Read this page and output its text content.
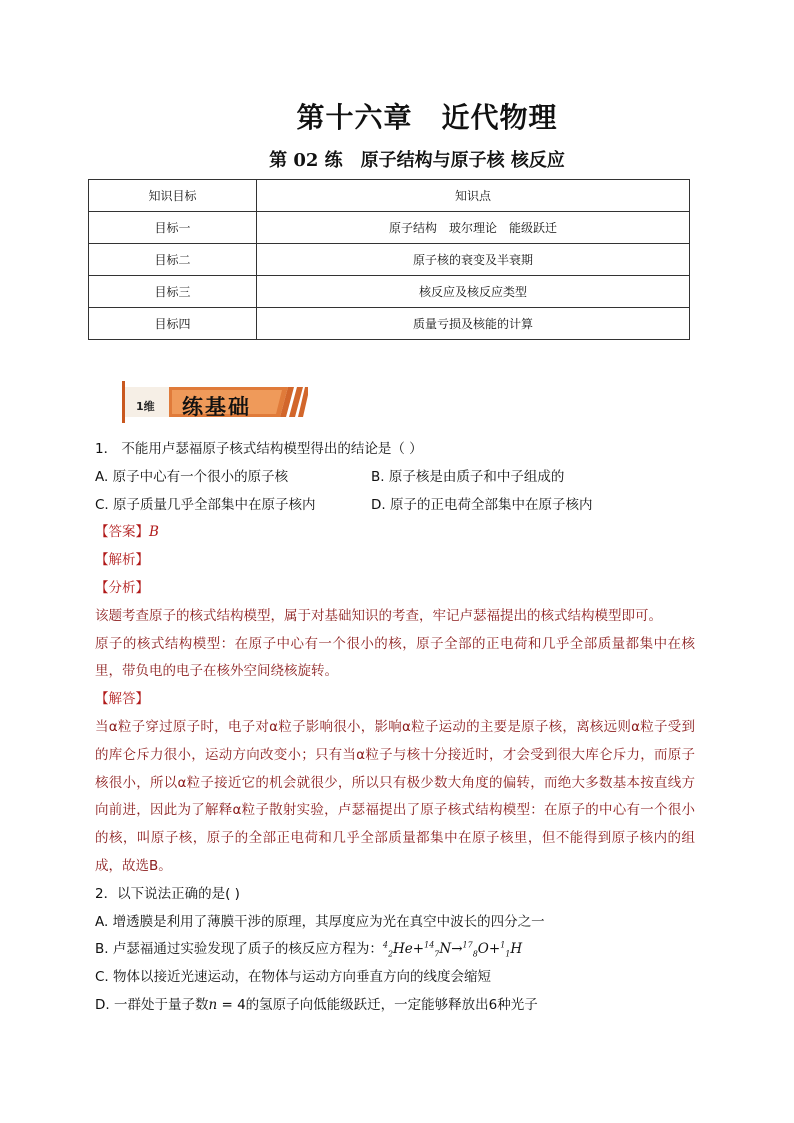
第十六章　近代物理
第 02 练　原子结构与原子核 核反应
知识目标	知识点
目标一	原子结构　玻尔理论　能级跃迁
目标二	原子核的衰变及半衰期
目标三	核反应及核反应类型
目标四	质量亏损及核能的计算
1维 练基础

1． 不能用卢瑟福原子核式结构模型得出的结论是（ ）

A. 原子中心有一个很小的原子核	B. 原子核是由质子和中子组成的
C. 原子质量几乎全部集中在原子核内	D. 原子的正电荷全部集中在原子核内

【答案】B

【解析】

【分析】

该题考查原子的核式结构模型，属于对基础知识的考查，牢记卢瑟福提出的核式结构模型即可。

原子的核式结构模型：在原子中心有一个很小的核，原子全部的正电荷和几乎全部质量都集中在核里，带负电的电子在核外空间绕核旋转。

【解答】

当α粒子穿过原子时，电子对α粒子影响很小，影响α粒子运动的主要是原子核，离核远则α粒子受到的库仑斥力很小，运动方向改变小；只有当α粒子与核十分接近时，才会受到很大库仑斥力，而原子核很小，所以α粒子接近它的机会就很少，所以只有极少数大角度的偏转，而绝大多数基本按直线方向前进，因此为了解释α粒子散射实验，卢瑟福提出了原子核式结构模型：在原子的中心有一个很小的核，叫原子核，原子的全部正电荷和几乎全部质量都集中在原子核里，但不能得到原子核内的组成，故选B。

2．以下说法正确的是( )

A. 增透膜是利用了薄膜干涉的原理，其厚度应为光在真空中波长的四分之一

B. 卢瑟福通过实验发现了质子的核反应方程为：$^4_2$He+$^{14}_7$N→$^{17}_8$O+$^1_1$H

C. 物体以接近光速运动，在物体与运动方向垂直方向的线度会缩短

D. 一群处于量子数n = 4的氢原子向低能级跃迁，一定能够释放出6种光子
